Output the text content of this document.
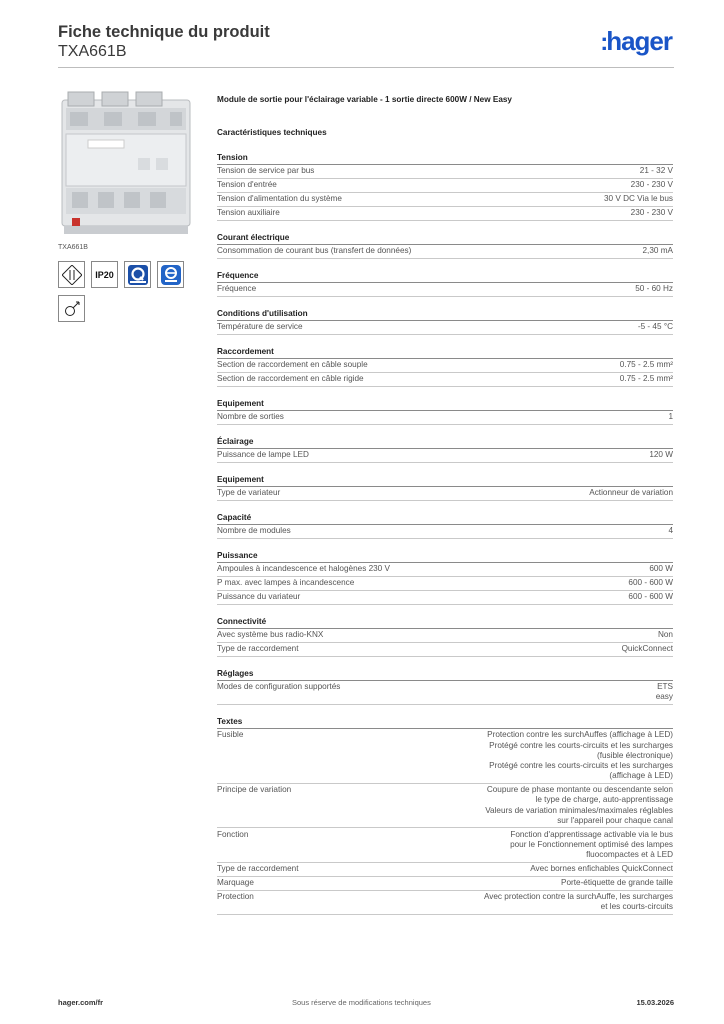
Fiche technique du produit
TXA661B	:hager
TXA661B
IP20
Module de sortie pour l'éclairage variable - 1 sortie directe 600W / New Easy
Caractéristiques techniques
Tension
Tension de service par bus	21 - 32 V
Tension d'entrée	230 - 230 V
Tension d'alimentation du système	30 V DC Via le bus
Tension auxiliaire	230 - 230 V
Courant électrique
Consommation de courant bus (transfert de données)	2,30 mA
Fréquence
Fréquence	50 - 60 Hz
Conditions d'utilisation
Température de service	-5 - 45 °C
Raccordement
Section de raccordement en câble souple	0.75 - 2.5 mm²
Section de raccordement en câble rigide	0.75 - 2.5 mm²
Equipement
Nombre de sorties	1
Éclairage
Puissance de lampe LED	120 W
Equipement
Type de variateur	Actionneur de variation
Capacité
Nombre de modules	4
Puissance
Ampoules à incandescence et halogènes 230 V	600 W
P max. avec lampes à incandescence	600 - 600 W
Puissance du variateur	600 - 600 W
Connectivité
Avec système bus radio-KNX	Non
Type de raccordement	QuickConnect
Réglages
Modes de configuration supportés	ETS
easy
Textes
Fusible	Protection contre les surchAuffes (affichage à LED)
Protégé contre les courts-circuits et les surcharges
(fusible électronique)
Protégé contre les courts-circuits et les surcharges
(affichage à LED)
Principe de variation	Coupure de phase montante ou descendante selon
le type de charge, auto-apprentissage
Valeurs de variation minimales/maximales réglables
sur l'appareil pour chaque canal
Fonction	Fonction d'apprentissage activable via le bus
pour le Fonctionnement optimisé des lampes
fluocompactes et à LED
Type de raccordement	Avec bornes enfichables QuickConnect
Marquage	Porte-étiquette de grande taille
Protection	Avec protection contre la surchAuffe, les surcharges
et les courts-circuits
hager.com/fr	Sous réserve de modifications techniques	15.03.2026
